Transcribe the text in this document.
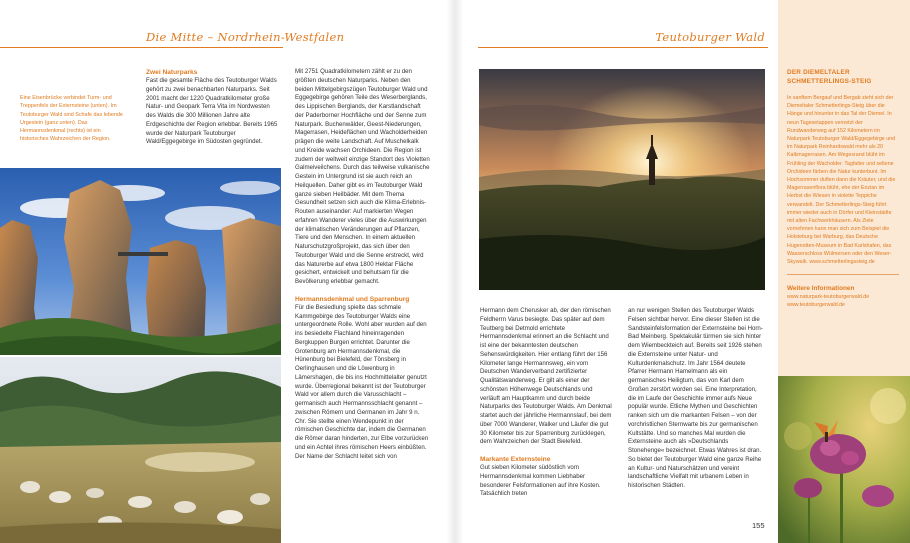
Die Mitte – Nordrhein-Westfalen	Teutoburger Wald
Eine Eisenbrücke verbindet Turm- und Treppenfels der Externsteine (unten). Im Teutoburger Wald sind Schafe das lebende Urgestein (ganz unten). Das Hermannsdenkmal (rechts) ist ein historisches Wahrzeichen der Region.
Zwei Naturparks

Fast die gesamte Fläche des Teutoburger Walds gehört zu zwei benachbarten Naturparks. Seit 2001 macht der 1220 Quadratkilometer große Natur- und Geopark Terra Vita im Nordwesten des Walds die 300 Millionen Jahre alte Erdgeschichte der Region erlebbar. Bereits 1965 wurde der Naturpark Teutoburger Wald/Eggegebirge im Südosten gegründet.

Mit 2751 Quadratkilometern zählt er zu den größten deutschen Naturparks. Neben den beiden Mittelgebirgszügen Teutoburger Wald und Eggegebirge gehören Teile des Weserberglands, des Lippischen Berglands, der Karstlandschaft der Paderborner Hochfläche und der Senne zum Naturpark. Buchenwälder, Geest-Niederungen, Magerrasen, Heideflächen und Wacholderheiden prägen die weite Landschaft. Auf Muschelkalk und Kreide wachsen Orchideen. Die Region ist zudem der weltweit einzige Standort des Violetten Galmeiveilchens. Durch das teilweise vulkanische Gestein im Untergrund ist sie auch reich an Heilquellen. Daher gibt es im Teutoburger Wald ganze sieben Heilbäder. Mit dem Thema Gesundheit setzen sich auch die Klima-Erlebnis-Routen auseinander: Auf markierten Wegen erfahren Wanderer vieles über die Auswirkungen der klimatischen Veränderungen auf Pflanzen, Tiere und den Menschen. In einem aktuellen Naturschutzgroßprojekt, das sich über den Teutoburger Wald und die Senne erstreckt, wird das Naturerbe auf etwa 1800 Hektar Fläche gesichert, entwickelt und behutsam für die Bevölkerung erlebbar gemacht.

Hermannsdenkmal und Sparrenburg

Für die Besiedlung spielte das schmale Kammgebirge des Teutoburger Walds eine untergeordnete Rolle. Wohl aber wurden auf den ins besiedelte Flachland hineinragenden Bergkuppen Burgen errichtet. Darunter die Grotenburg am Hermannsdenkmal, die Hünenburg bei Bielefeld, der Tönsberg in Oerlinghausen und die Löwenburg in Lämershagen, die bis ins Hochmittelalter genutzt wurde. Überregional bekannt ist der Teutoburger Wald vor allem durch die Varusschlacht – germanisch auch Hermannsschlacht genannt – zwischen Römern und Germanen im Jahr 9 n. Chr. Sie stellte einen Wendepunkt in der römischen Geschichte dar, indem die Germanen die Römer daran hinderten, zur Elbe vorzurücken und ein Achtel ihres römischen Heers einbüßten. Der Name der Schlacht leitet sich von

Hermann dem Cherusker ab, der den römischen Feldherrn Varus besiegte. Das später auf dem Teutberg bei Detmold errichtete Hermannsdenkmal erinnert an die Schlacht und ist eine der bekanntesten deutschen Sehenswürdigkeiten. Hier entlang führt der 156 Kilometer lange Hermannsweg, ein vom Deutschen Wanderverband zertifizierter Qualitätswanderweg. Er gilt als einer der schönsten Höhenwege Deutschlands und verläuft am Hauptkamm und durch beide Naturparks des Teutoburger Walds. Am Denkmal startet auch der jährliche Hermannslauf, bei dem über 7000 Wanderer, Walker und Läufer die gut 30 Kilometer bis zur Sparrenburg zurücklegen, dem Wahrzeichen der Stadt Bielefeld.

Markante Externsteine

Gut sieben Kilometer südöstlich vom Hermannsdenkmal kommen Liebhaber besonderer Felsformationen auf ihre Kosten. Tatsächlich treten

an nur wenigen Stellen des Teutoburger Walds Felsen sichtbar hervor. Eine dieser Stellen ist die Sandsteinfelsformation der Externsteine bei Horn-Bad Meinberg. Spektakulär türmen sie sich hinter dem Wiembeckteich auf. Bereits seit 1926 stehen die Externsteine unter Natur- und Kulturdenkmalschutz. Im Jahr 1564 deutete Pfarrer Hermann Hamelmann als ein germanisches Heiligtum, das von Karl dem Großen zerstört worden sei. Eine Interpretation, die im Laufe der Geschichte immer aufs Neue populär wurde. Etliche Mythen und Geschichten ranken sich um die markanten Felsen – von der vorchristlichen Sternwarte bis zur germanischen Kultstätte. Und so manches Mal wurden die Externsteine auch als »Deutschlands Stonehenge« bezeichnet. Etwas Wahres ist dran. So bietet der Teutoburger Wald eine ganze Reihe an Kultur- und Naturschätzen und vereint landschaftliche Vielfalt mit urbanem Leben in historischen Städten.

DER DIEMELTALER SCHMETTERLINGS-STEIG
In sanftem Bergauf und Bergab zieht sich der Diemeltaler Schmetterlings-Steig über die Hänge und hinunter in das Tal der Diemel. In neun Tagesetappen vernetzt der Rundwanderweg auf 152 Kilometern im Naturpark Teutoburger Wald/Eggegebirge und im Naturpark Reinhardswald mehr als 20 Kalkmagerrasen. Am Wegesrand blüht im Frühling der Wacholder. Tagfalter und seltene Orchideen färben die Natur kunterbunt. Im Hochsommer duften dann die Kräuter, und die Magerrasenflora blüht, ehe der Enzian im Herbst die Wiesen in violette Teppiche verwandelt. Der Schmetterlings-Steig führt immer wieder auch in Dörfer und Kleinstädte mit alten Fachwerkhäusern. Als Ziele vornehmen kann man sich zum Beispiel die Holsteburg bei Warburg, das Deutsche Hugenotten-Museum in Bad Karlshafen, das Wasserschloss Wülmersen oder den Weser-Skywalk. www.schmetterlingssteig.de
Weitere Informationen
www.naturpark-teutoburgerwald.de
www.teutoburgerwald.de
155
